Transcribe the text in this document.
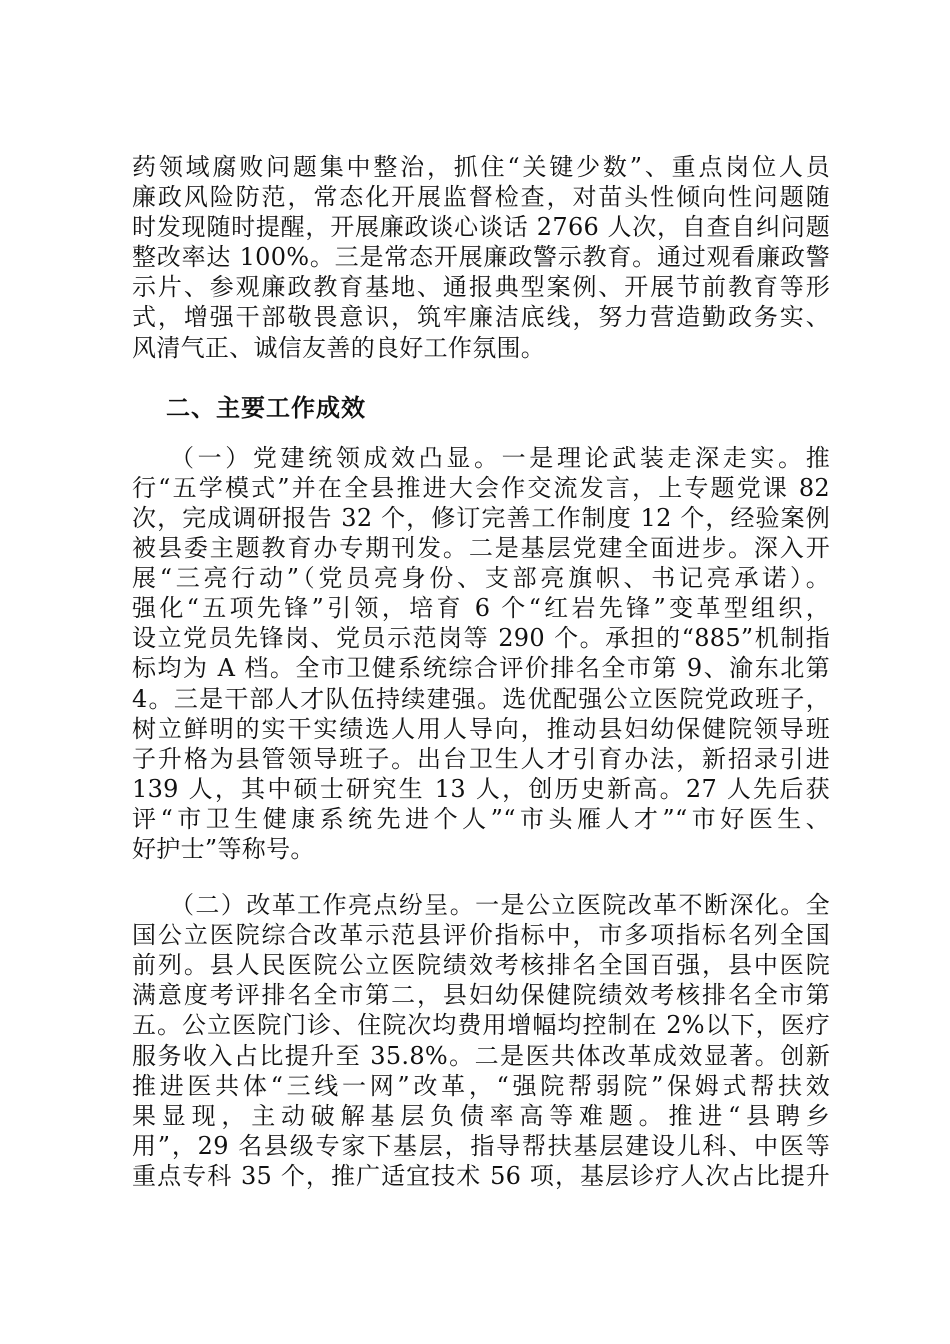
药领域腐败问题集中整治，抓住“关键少数”、重点岗位人员
廉政风险防范，常态化开展监督检查，对苗头性倾向性问题随
时发现随时提醒，开展廉政谈心谈话 2766 人次，自查自纠问题
整改率达 100%。三是常态开展廉政警示教育。通过观看廉政警
示片、参观廉政教育基地、通报典型案例、开展节前教育等形
式，增强干部敬畏意识，筑牢廉洁底线，努力营造勤政务实、
风清气正、诚信友善的良好工作氛围。
二、主要工作成效
（一）党建统领成效凸显。一是理论武装走深走实。推
行“五学模式”并在全县推进大会作交流发言，上专题党课 82
次，完成调研报告 32 个，修订完善工作制度 12 个，经验案例
被县委主题教育办专期刊发。二是基层党建全面进步。深入开
展“三亮行动”（党员亮身份、支部亮旗帜、书记亮承诺）。
强化“五项先锋”引领，培育 6 个“红岩先锋”变革型组织，
设立党员先锋岗、党员示范岗等 290 个。承担的“885”机制指
标均为 A 档。全市卫健系统综合评价排名全市第 9、渝东北第
4。三是干部人才队伍持续建强。选优配强公立医院党政班子，
树立鲜明的实干实绩选人用人导向，推动县妇幼保健院领导班
子升格为县管领导班子。出台卫生人才引育办法，新招录引进
139 人，其中硕士研究生 13 人，创历史新高。27 人先后获
评“市卫生健康系统先进个人”“市头雁人才”“市好医生、
好护士”等称号。
（二）改革工作亮点纷呈。一是公立医院改革不断深化。全
国公立医院综合改革示范县评价指标中，市多项指标名列全国
前列。县人民医院公立医院绩效考核排名全国百强，县中医院
满意度考评排名全市第二，县妇幼保健院绩效考核排名全市第
五。公立医院门诊、住院次均费用增幅均控制在 2%以下，医疗
服务收入占比提升至 35.8%。二是医共体改革成效显著。创新
推进医共体“三线一网”改革，“强院帮弱院”保姆式帮扶效
果显现，主动破解基层负债率高等难题。推进“县聘乡
用”，29 名县级专家下基层，指导帮扶基层建设儿科、中医等
重点专科 35 个，推广适宜技术 56 项，基层诊疗人次占比提升
